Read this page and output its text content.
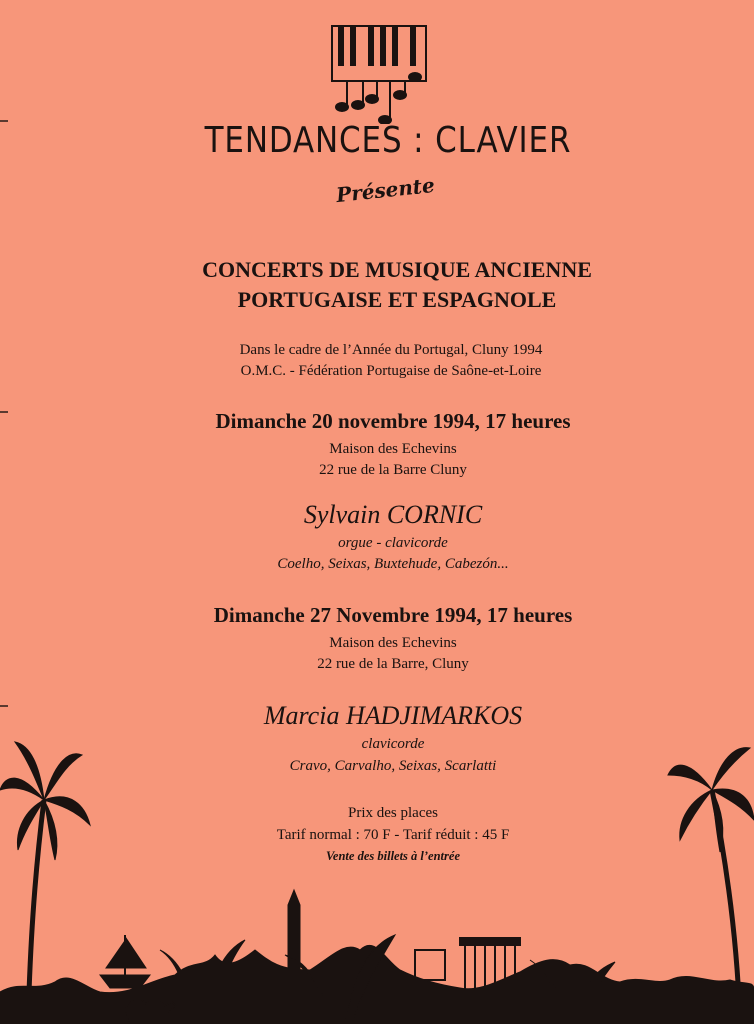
TENDANCES : CLAVIER
Présente
CONCERTS DE MUSIQUE ANCIENNE
PORTUGAISE ET ESPAGNOLE
Dans le cadre de l’Année du Portugal, Cluny 1994
O.M.C. - Fédération Portugaise de Saône-et-Loire
Dimanche 20 novembre 1994, 17 heures
Maison des Echevins
22 rue de la Barre Cluny
Sylvain CORNIC
orgue - clavicorde
Coelho, Seixas, Buxtehude, Cabezón...
Dimanche 27 Novembre 1994, 17 heures
Maison des Echevins
22 rue de la Barre, Cluny
Marcia HADJIMARKOS
clavicorde
Cravo, Carvalho, Seixas, Scarlatti
Prix des places
Tarif normal : 70 F - Tarif réduit : 45 F
Vente des billets à l’entrée
